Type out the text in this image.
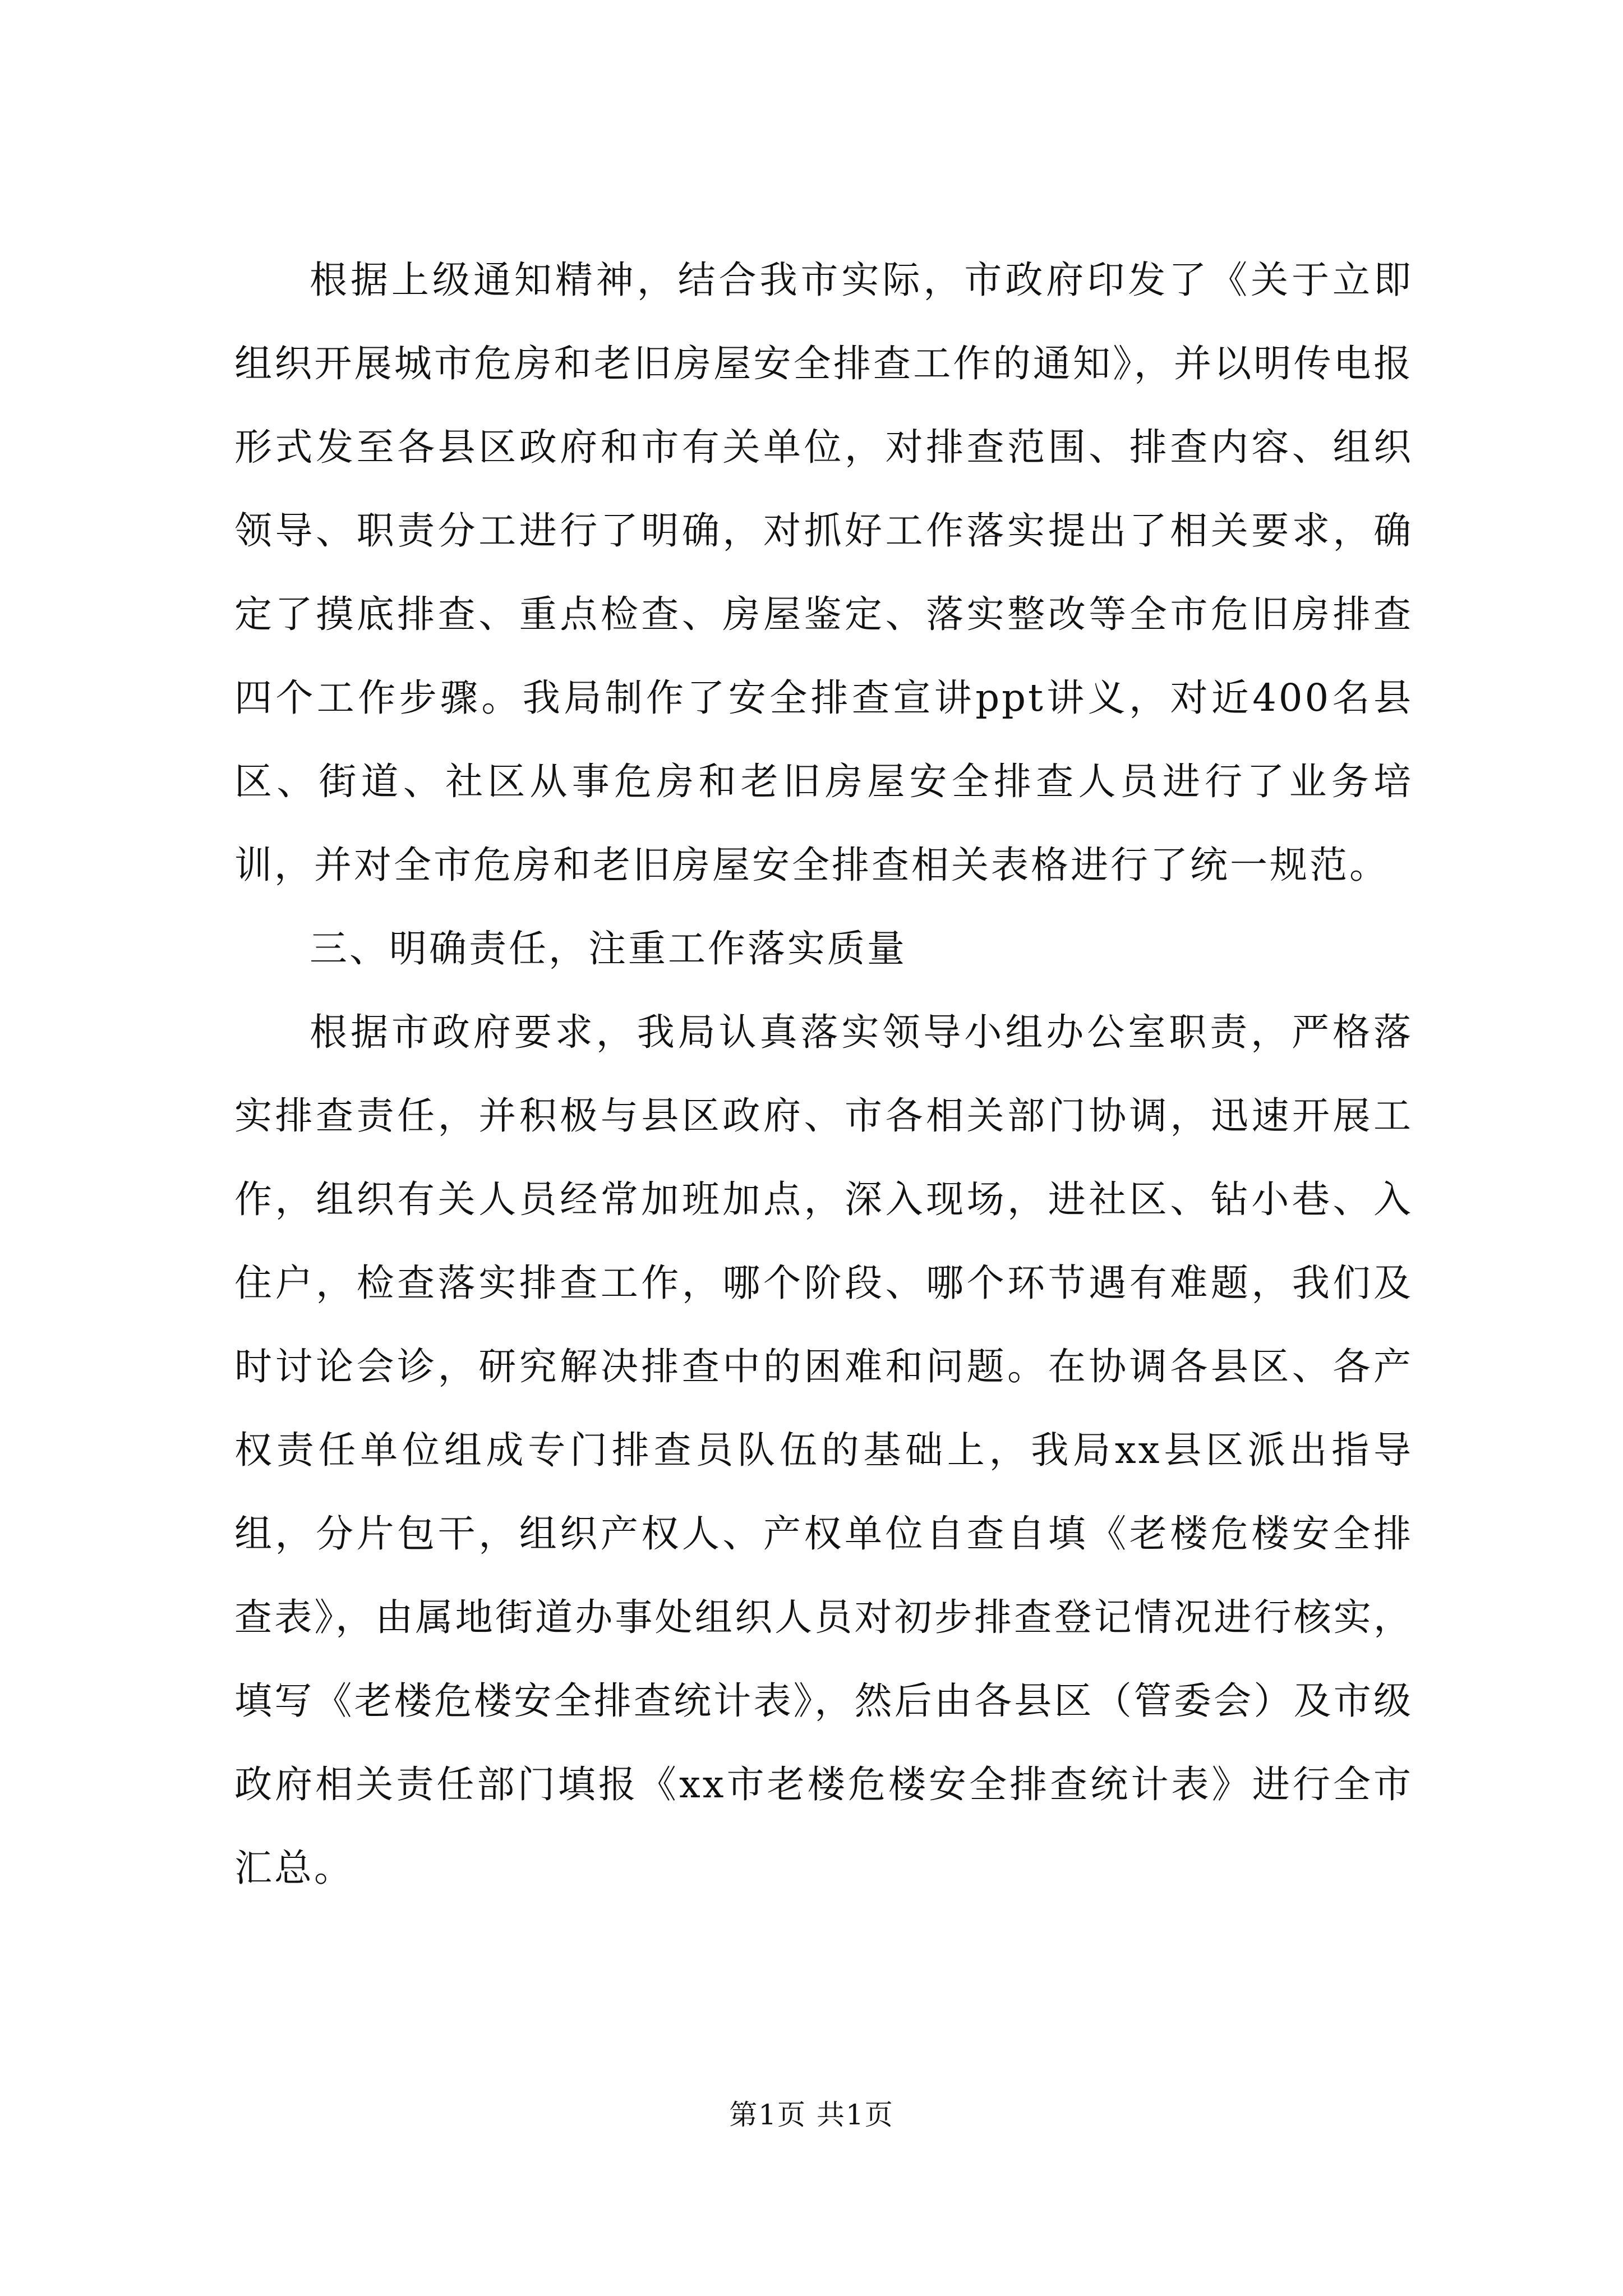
根据上级通知精神，结合我市实际，市政府印发了《关于立即组织开展城市危房和老旧房屋安全排查工作的通知》，并以明传电报形式发至各县区政府和市有关单位，对排查范围、排查内容、组织领导、职责分工进行了明确，对抓好工作落实提出了相关要求，确定了摸底排查、重点检查、房屋鉴定、落实整改等全市危旧房排查四个工作步骤。我局制作了安全排查宣讲ppt讲义，对近400名县区、街道、社区从事危房和老旧房屋安全排查人员进行了业务培训，并对全市危房和老旧房屋安全排查相关表格进行了统一规范。

三、明确责任，注重工作落实质量

根据市政府要求，我局认真落实领导小组办公室职责，严格落实排查责任，并积极与县区政府、市各相关部门协调，迅速开展工作，组织有关人员经常加班加点，深入现场，进社区、钻小巷、入住户，检查落实排查工作，哪个阶段、哪个环节遇有难题，我们及时讨论会诊，研究解决排查中的困难和问题。在协调各县区、各产权责任单位组成专门排查员队伍的基础上，我局xx县区派出指导组，分片包干，组织产权人、产权单位自查自填《老楼危楼安全排查表》，由属地街道办事处组织人员对初步排查登记情况进行核实，填写《老楼危楼安全排查统计表》，然后由各县区（管委会）及市级政府相关责任部门填报《xx市老楼危楼安全排查统计表》进行全市汇总。

第1页 共1页
